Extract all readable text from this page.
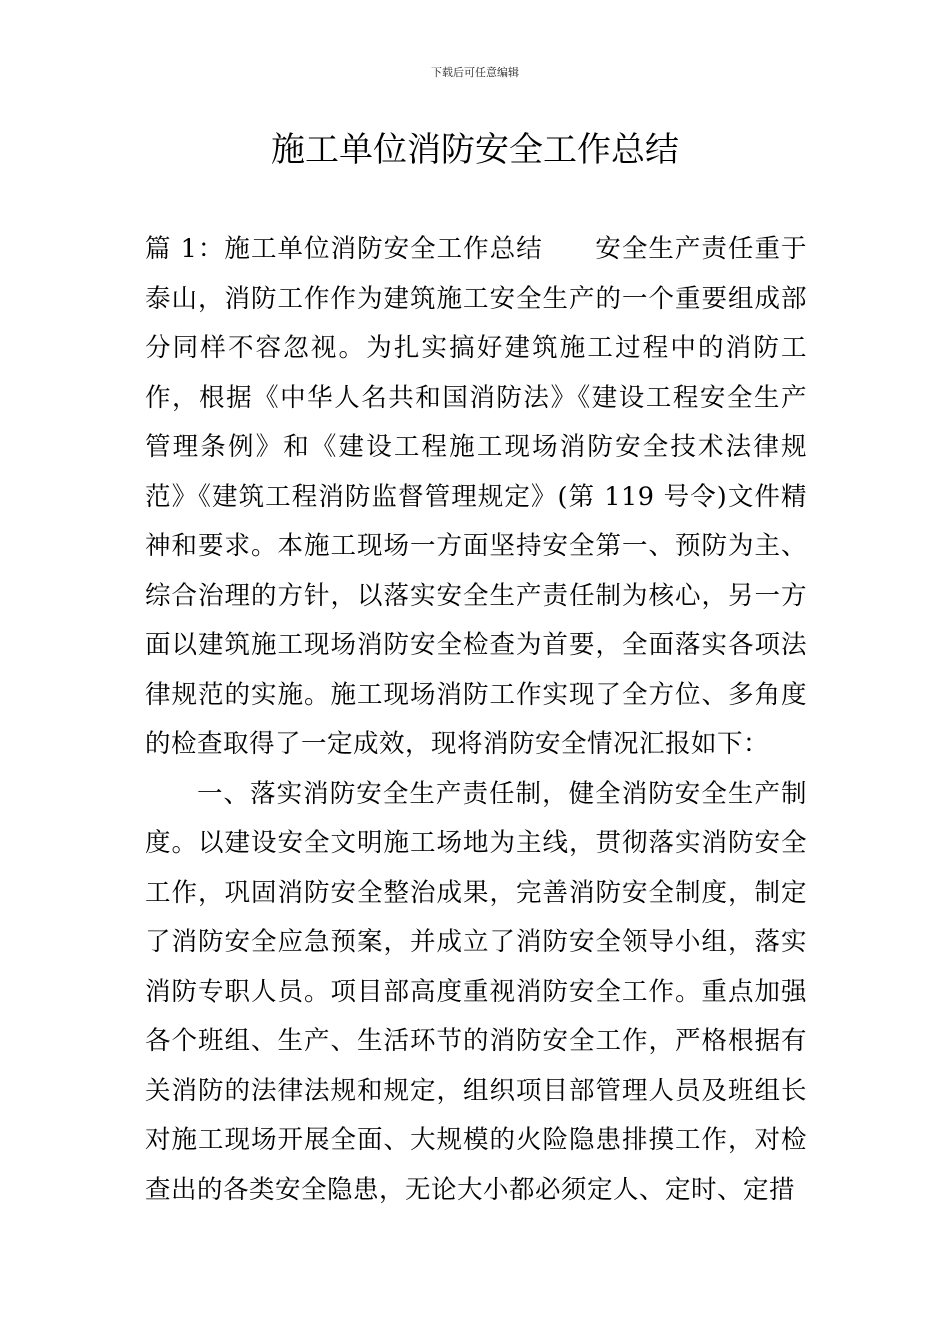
下载后可任意编辑
施工单位消防安全工作总结

篇 1：施工单位消防安全工作总结 安全生产责任重于泰山，消防工作作为建筑施工安全生产的一个重要组成部分同样不容忽视。为扎实搞好建筑施工过程中的消防工作，根据《中华人名共和国消防法》《建设工程安全生产管理条例》和《建设工程施工现场消防安全技术法律规范》《建筑工程消防监督管理规定》(第 119 号令)文件精神和要求。本施工现场一方面坚持安全第一、预防为主、综合治理的方针，以落实安全生产责任制为核心，另一方面以建筑施工现场消防安全检查为首要，全面落实各项法律规范的实施。施工现场消防工作实现了全方位、多角度的检查取得了一定成效，现将消防安全情况汇报如下：

一、落实消防安全生产责任制，健全消防安全生产制度。以建设安全文明施工场地为主线，贯彻落实消防安全工作，巩固消防安全整治成果，完善消防安全制度，制定了消防安全应急预案，并成立了消防安全领导小组，落实消防专职人员。项目部高度重视消防安全工作。重点加强各个班组、生产、生活环节的消防安全工作，严格根据有关消防的法律法规和规定，组织项目部管理人员及班组长对施工现场开展全面、大规模的火险隐患排摸工作，对检查出的各类安全隐患，无论大小都必须定人、定时、定措
